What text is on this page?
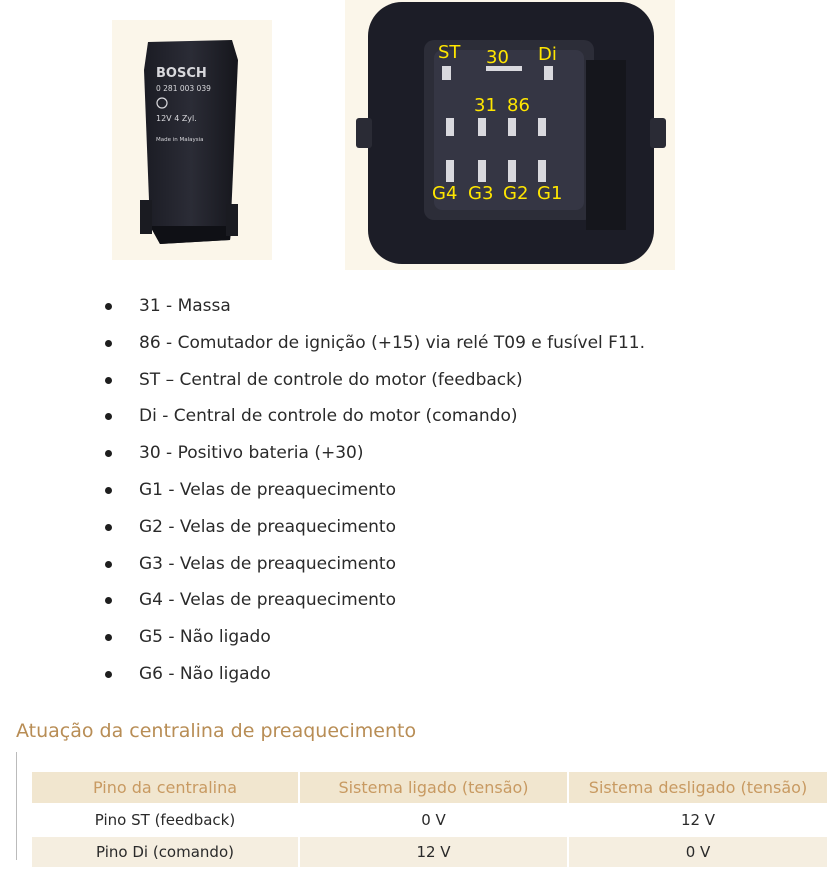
BOSCH
0 281 003 039
12V 4 Zyl.
Made in Malaysia
ST 30 Di
31 86
G4 G3 G2 G1
31 - Massa
86 - Comutador de ignição (+15) via relé T09 e fusível F11.
ST – Central de controle do motor (feedback)
Di - Central de controle do motor (comando)
30 - Positivo bateria (+30)
G1 - Velas de preaquecimento
G2 - Velas de preaquecimento
G3 - Velas de preaquecimento
G4 - Velas de preaquecimento
G5 - Não ligado
G6 - Não ligado
Atuação da centralina de preaquecimento
Pino da centralina	Sistema ligado (tensão)	Sistema desligado (tensão)
Pino ST (feedback)	0 V	12 V
Pino Di (comando)	12 V	0 V
